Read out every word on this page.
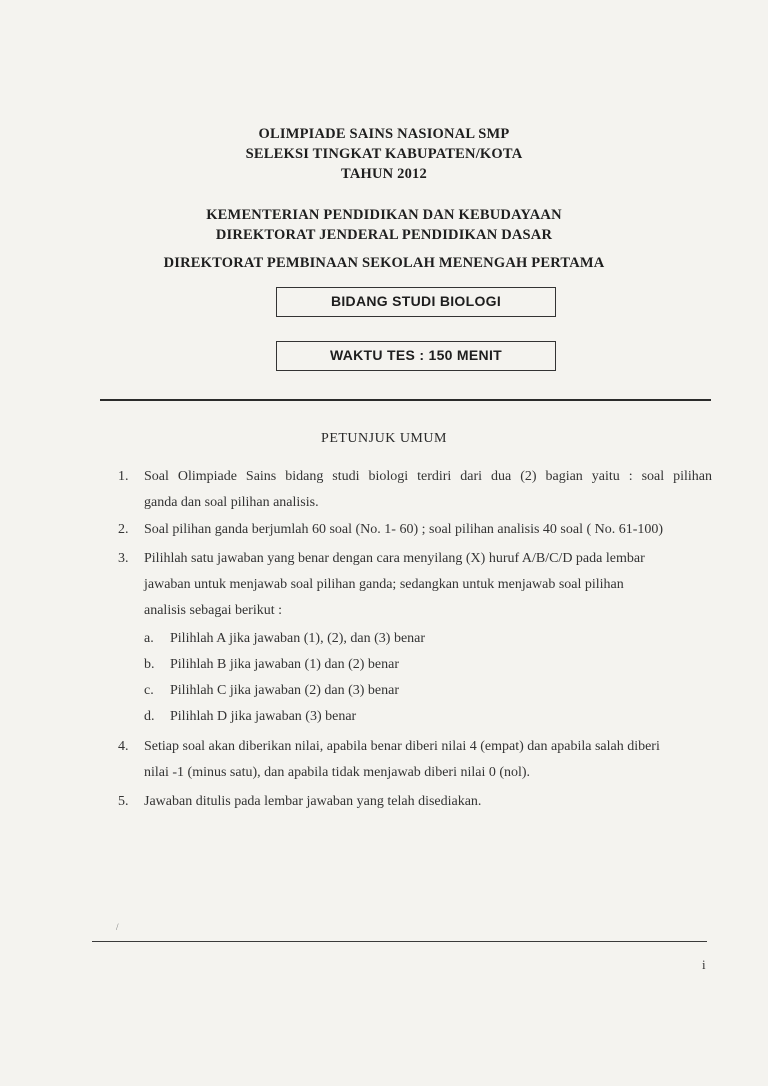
OLIMPIADE SAINS NASIONAL SMP
SELEKSI TINGKAT KABUPATEN/KOTA
TAHUN 2012
KEMENTERIAN PENDIDIKAN DAN KEBUDAYAAN
DIREKTORAT JENDERAL PENDIDIKAN DASAR
DIREKTORAT PEMBINAAN SEKOLAH MENENGAH PERTAMA
BIDANG STUDI BIOLOGI
WAKTU TES : 150 MENIT
PETUNJUK UMUM
1. Soal Olimpiade Sains bidang studi biologi terdiri dari dua (2) bagian yaitu : soal pilihan
ganda dan soal pilihan analisis.
2. Soal pilihan ganda berjumlah 60 soal (No. 1- 60) ; soal pilihan analisis 40 soal ( No. 61-100)
3. Pilihlah satu jawaban yang benar dengan cara menyilang (X) huruf A/B/C/D pada lembar
jawaban untuk menjawab soal pilihan ganda; sedangkan untuk menjawab soal pilihan
analisis sebagai berikut :
a. Pilihlah A jika jawaban (1), (2), dan (3) benar
b. Pilihlah B jika jawaban (1) dan (2) benar
c. Pilihlah C jika jawaban (2) dan (3) benar
d. Pilihlah D jika jawaban (3) benar
4. Setiap soal akan diberikan nilai, apabila benar diberi nilai 4 (empat) dan apabila salah diberi
nilai -1 (minus satu), dan apabila tidak menjawab diberi nilai 0 (nol).
5. Jawaban ditulis pada lembar jawaban yang telah disediakan.
/
i
